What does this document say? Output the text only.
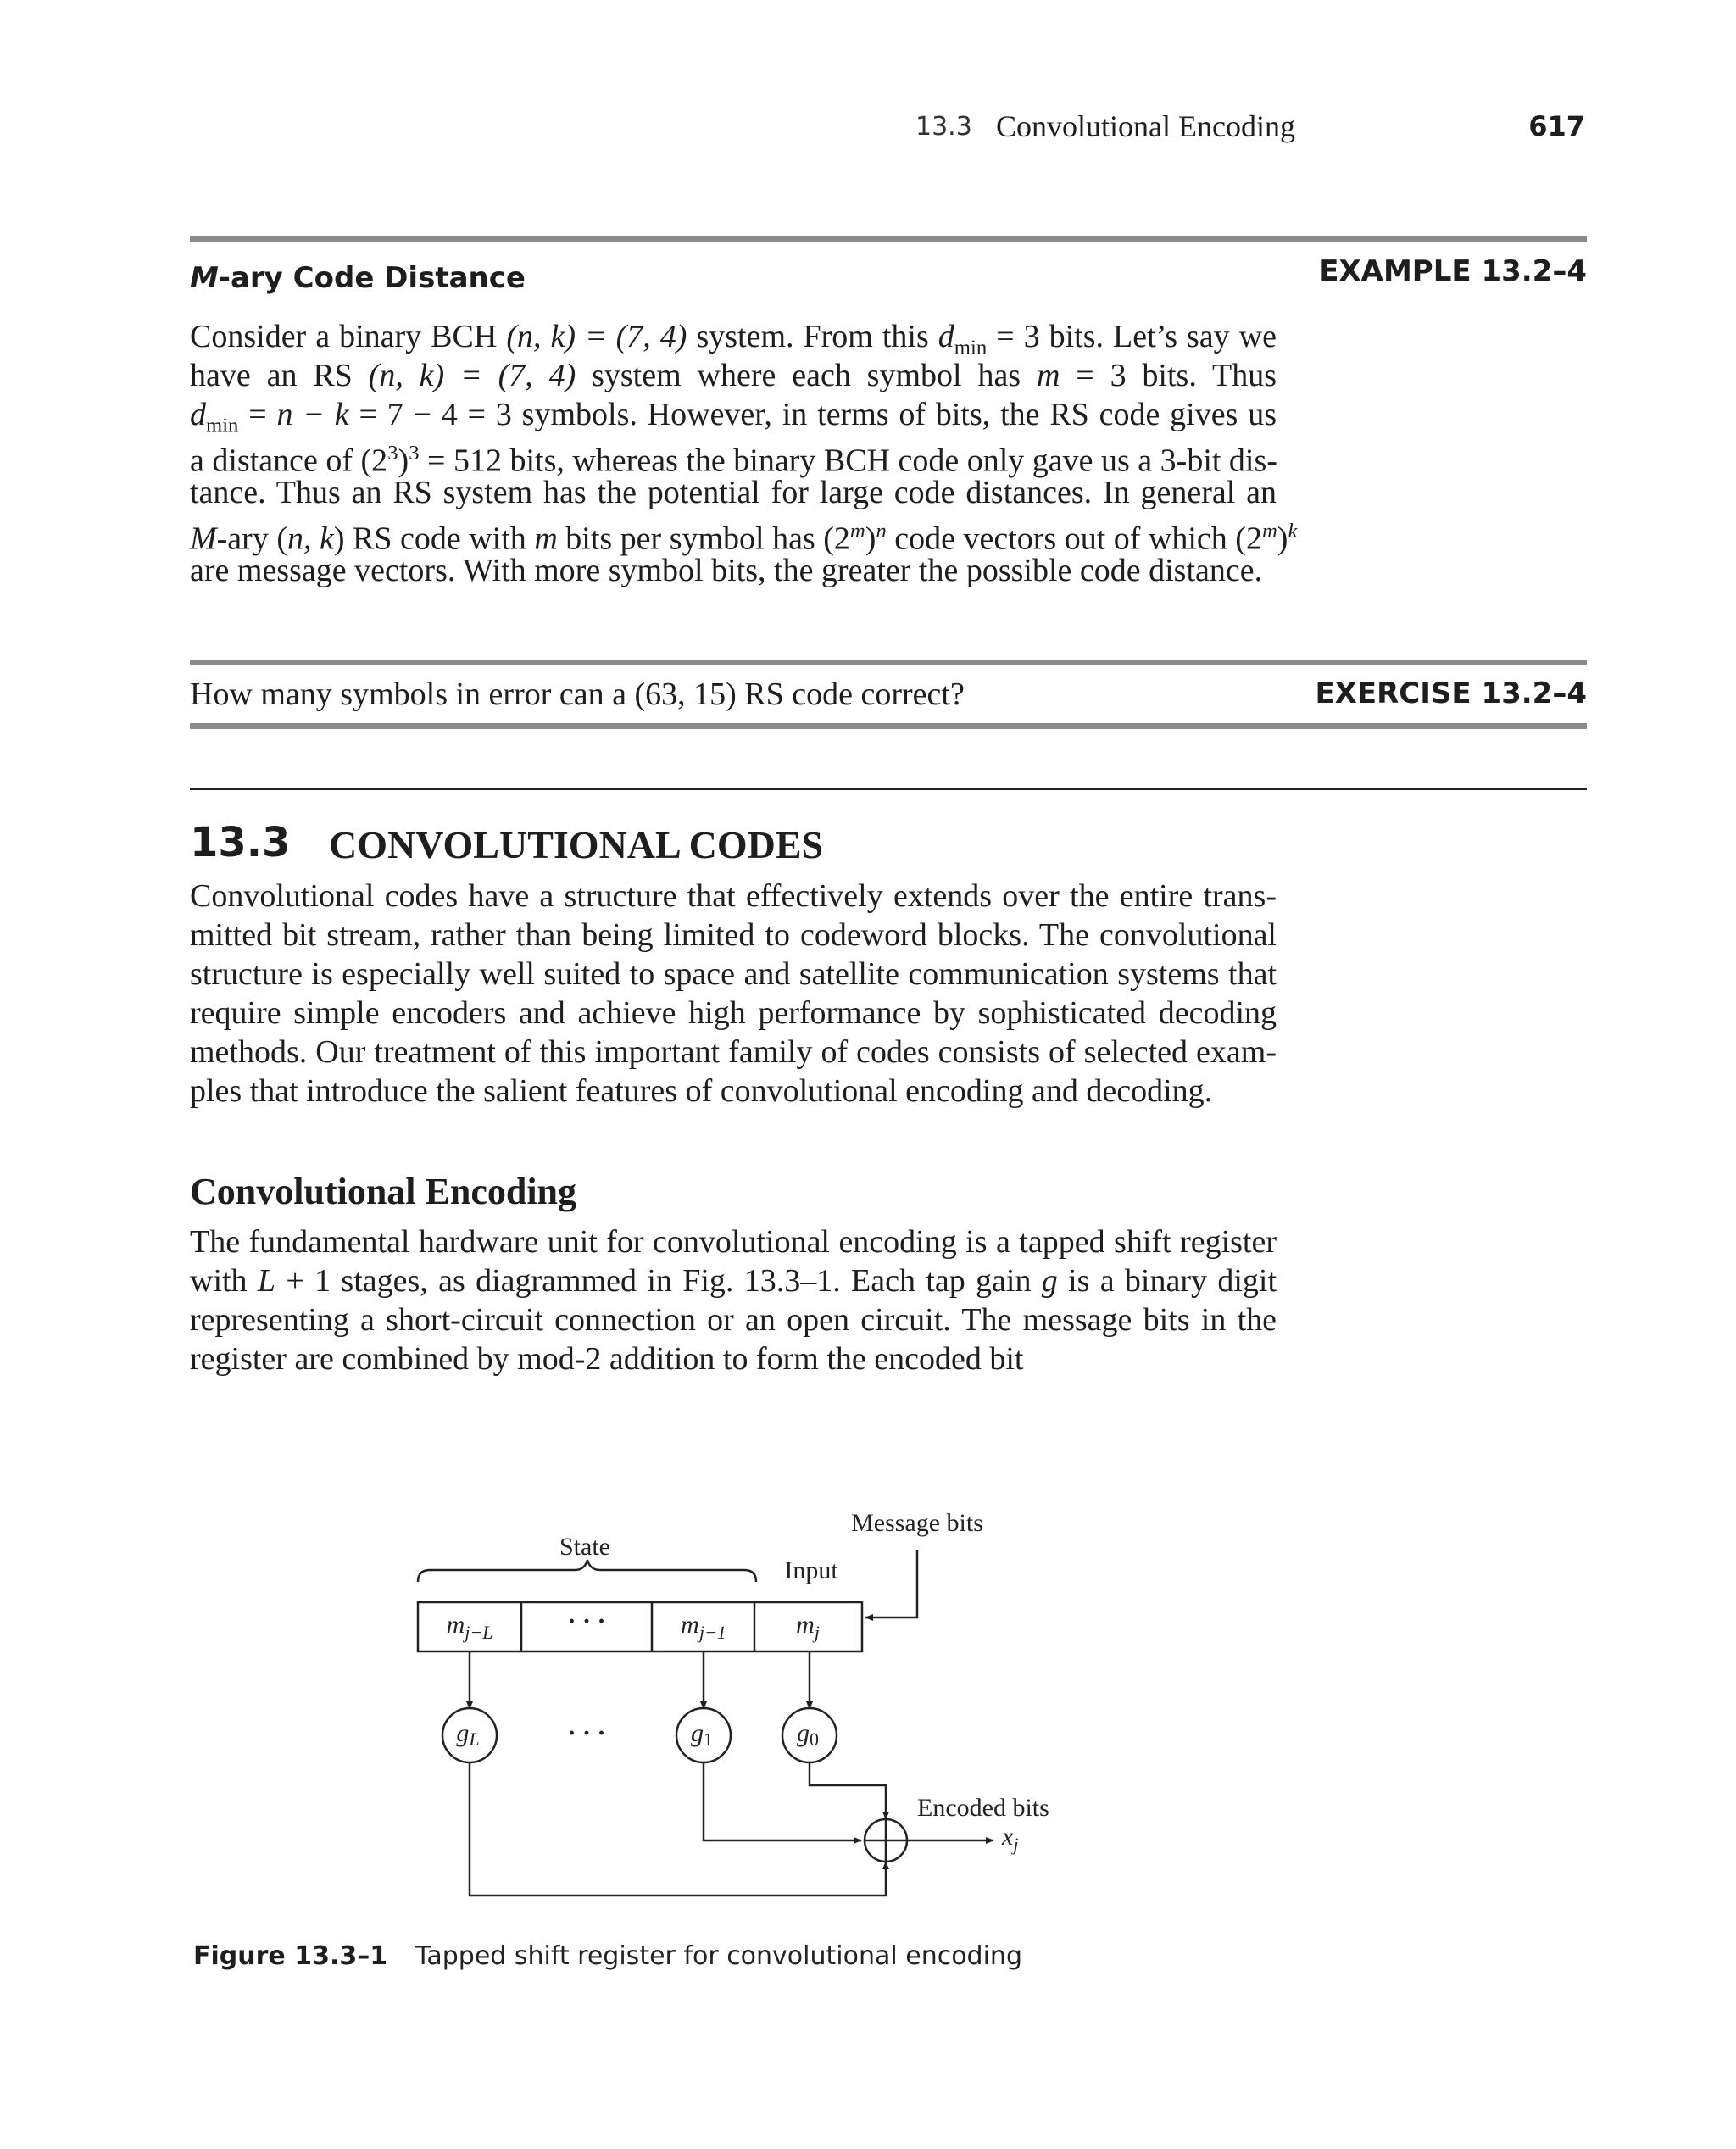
13.3 Convolutional Encoding	617
M-ary Code Distance	EXAMPLE 13.2–4
Consider a binary BCH (n, k) = (7, 4) system. From this $d_{min} = 3$ bits. Let’s say we
have an RS (n, k) = (7, 4) system where each symbol has m = 3 bits. Thus
$d_{min} = n - k = 7 - 4 = 3$ symbols. However, in terms of bits, the RS code gives us
a distance of $(2^3)^3 = 512$ bits, whereas the binary BCH code only gave us a 3-bit dis-
tance. Thus an RS system has the potential for large code distances. In general an
M-ary (n, k) RS code with m bits per symbol has $(2^m)^n$ code vectors out of which $(2^m)^k$
are message vectors. With more symbol bits, the greater the possible code distance.
How many symbols in error can a (63, 15) RS code correct?	EXERCISE 13.2–4
13.3 CONVOLUTIONAL CODES
Convolutional codes have a structure that effectively extends over the entire trans-
mitted bit stream, rather than being limited to codeword blocks. The convolutional
structure is especially well suited to space and satellite communication systems that
require simple encoders and achieve high performance by sophisticated decoding
methods. Our treatment of this important family of codes consists of selected exam-
ples that introduce the salient features of convolutional encoding and decoding.
Convolutional Encoding
The fundamental hardware unit for convolutional encoding is a tapped shift register
with L + 1 stages, as diagrammed in Fig. 13.3–1. Each tap gain g is a binary digit
representing a short-circuit connection or an open circuit. The message bits in the
register are combined by mod-2 addition to form the encoded bit
State
Input
Message bits
Encoded bits
$m_{j-L}$	· · ·	$m_{j-1}$	$m_j$
gL	· · ·	g1	g0
$x_j$
Figure 13.3–1 Tapped shift register for convolutional encoding
